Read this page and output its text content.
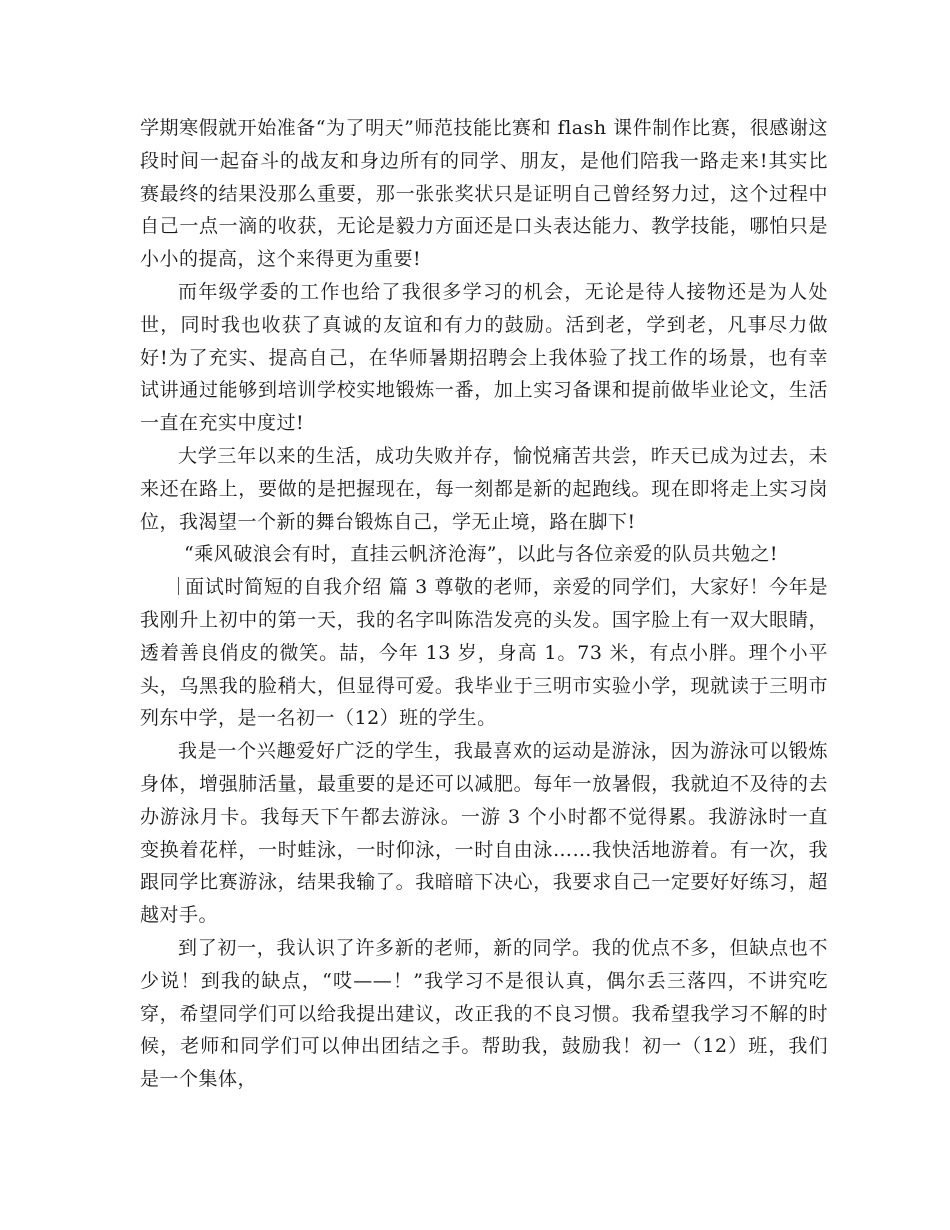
学期寒假就开始准备“为了明天”师范技能比赛和 flash 课件制作比赛，很感谢这段时间一起奋斗的战友和身边所有的同学、朋友，是他们陪我一路走来!其实比赛最终的结果没那么重要，那一张张奖状只是证明自己曾经努力过，这个过程中自己一点一滴的收获，无论是毅力方面还是口头表达能力、教学技能，哪怕只是小小的提高，这个来得更为重要!

而年级学委的工作也给了我很多学习的机会，无论是待人接物还是为人处世，同时我也收获了真诚的友谊和有力的鼓励。活到老，学到老，凡事尽力做好!为了充实、提高自己，在华师暑期招聘会上我体验了找工作的场景，也有幸试讲通过能够到培训学校实地锻炼一番，加上实习备课和提前做毕业论文，生活一直在充实中度过!

大学三年以来的生活，成功失败并存，愉悦痛苦共尝，昨天已成为过去，未来还在路上，要做的是把握现在，每一刻都是新的起跑线。现在即将走上实习岗位，我渴望一个新的舞台锻炼自己，学无止境，路在脚下!

“乘风破浪会有时，直挂云帆济沧海”，以此与各位亲爱的队员共勉之!

面试时简短的自我介绍 篇 3 尊敬的老师，亲爱的同学们，大家好！今年是我刚升上初中的第一天，我的名字叫陈浩发亮的头发。国字脸上有一双大眼睛，透着善良俏皮的微笑。喆，今年 13 岁，身高 1。73 米，有点小胖。理个小平头，乌黑我的脸稍大，但显得可爱。我毕业于三明市实验小学，现就读于三明市列东中学，是一名初一（12）班的学生。

我是一个兴趣爱好广泛的学生，我最喜欢的运动是游泳，因为游泳可以锻炼身体，增强肺活量，最重要的是还可以减肥。每年一放暑假，我就迫不及待的去办游泳月卡。我每天下午都去游泳。一游 3 个小时都不觉得累。我游泳时一直变换着花样，一时蛙泳，一时仰泳，一时自由泳……我快活地游着。有一次，我跟同学比赛游泳，结果我输了。我暗暗下决心，我要求自己一定要好好练习，超越对手。

到了初一，我认识了许多新的老师，新的同学。我的优点不多，但缺点也不少说！到我的缺点，“哎——！”我学习不是很认真，偶尔丢三落四，不讲究吃穿，希望同学们可以给我提出建议，改正我的不良习惯。我希望我学习不解的时候，老师和同学们可以伸出团结之手。帮助我，鼓励我！初一（12）班，我们是一个集体，
